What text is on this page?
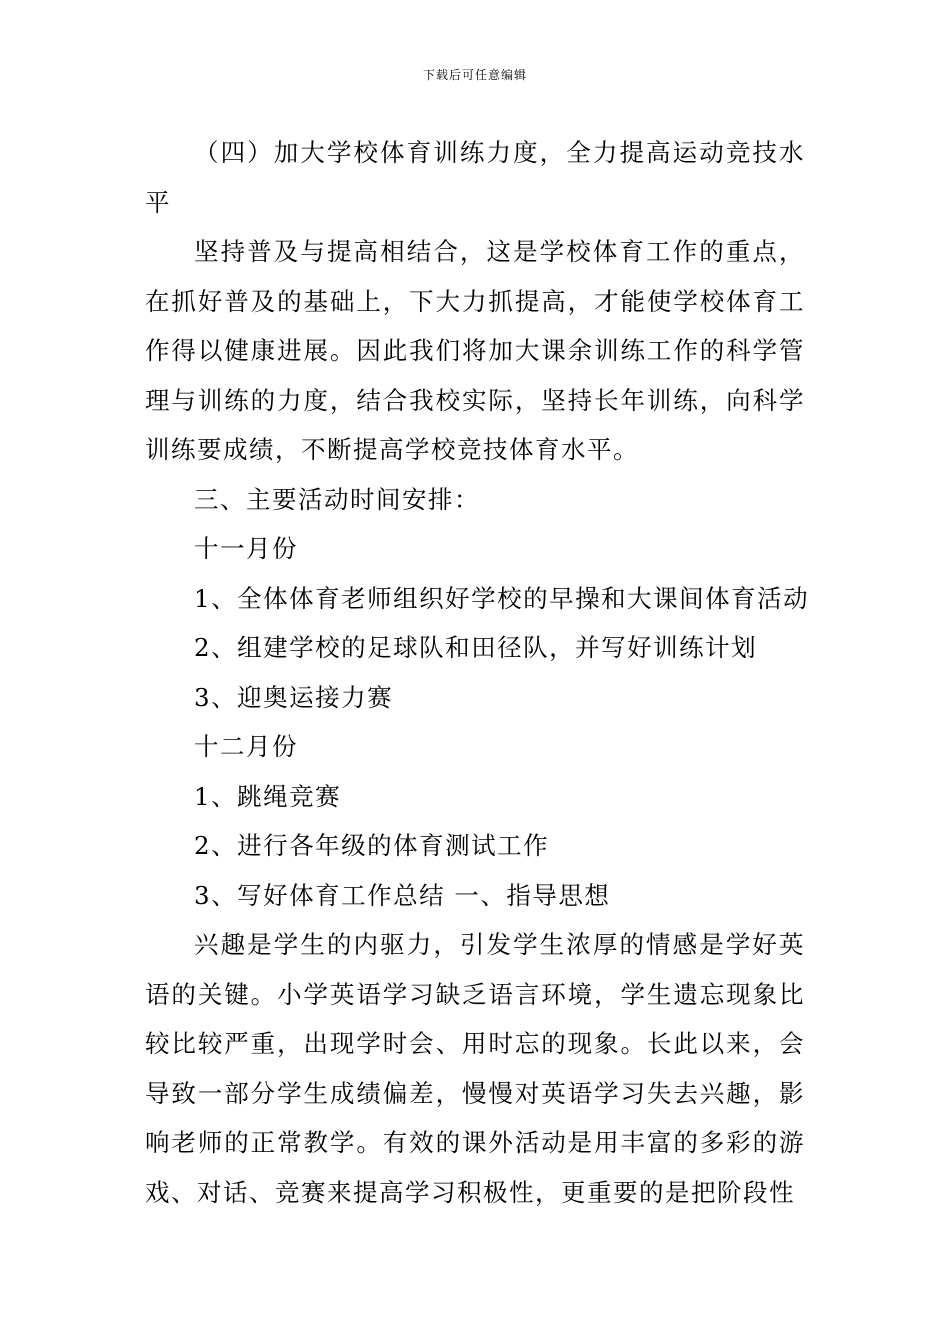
下载后可任意编辑

（四）加大学校体育训练力度，全力提高运动竞技水平

坚持普及与提高相结合，这是学校体育工作的重点，在抓好普及的基础上，下大力抓提高，才能使学校体育工作得以健康进展。因此我们将加大课余训练工作的科学管理与训练的力度，结合我校实际，坚持长年训练，向科学训练要成绩，不断提高学校竞技体育水平。

三、主要活动时间安排：

十一月份

1、全体体育老师组织好学校的早操和大课间体育活动

2、组建学校的足球队和田径队，并写好训练计划

3、迎奥运接力赛

十二月份

1、跳绳竞赛

2、进行各年级的体育测试工作

3、写好体育工作总结 一、指导思想

兴趣是学生的内驱力，引发学生浓厚的情感是学好英语的关键。小学英语学习缺乏语言环境，学生遗忘现象比较比较严重，出现学时会、用时忘的现象。长此以来，会导致一部分学生成绩偏差，慢慢对英语学习失去兴趣，影响老师的正常教学。有效的课外活动是用丰富的多彩的游戏、对话、竞赛来提高学习积极性，更重要的是把阶段性
